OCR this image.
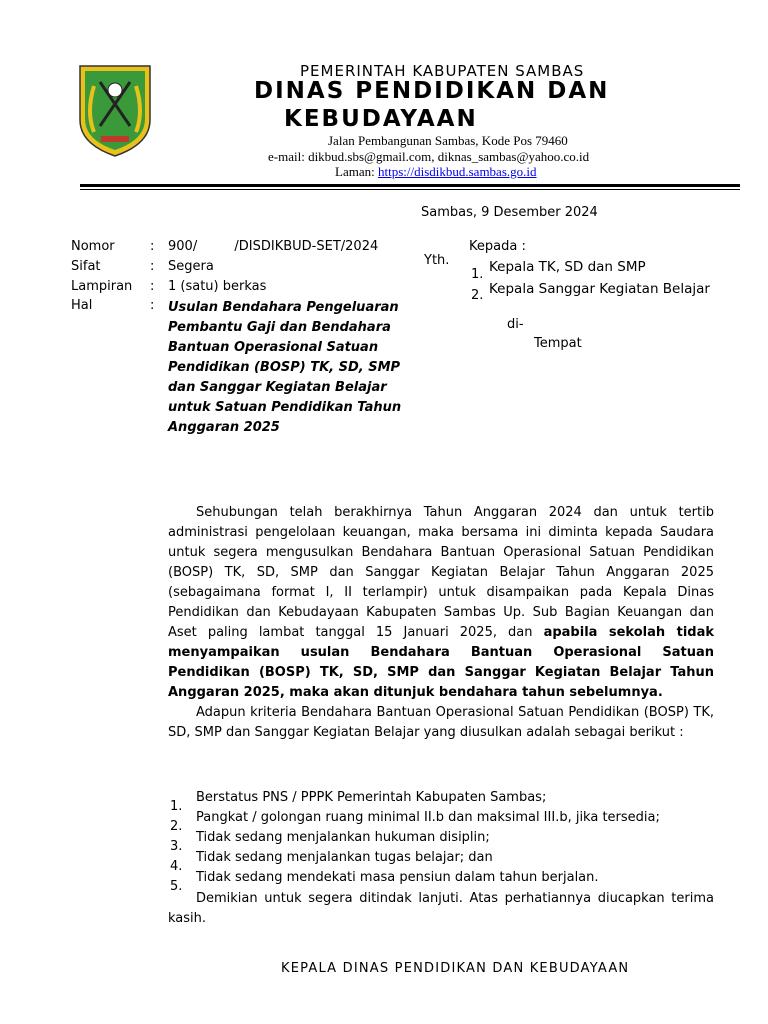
PEMERINTAH KABUPATEN SAMBAS
DINAS PENDIDIKAN DAN
KEBUDAYAAN
Jalan Pembangunan Sambas, Kode Pos 79460
e-mail: dikbud.sbs@gmail.com, diknas_sambas@yahoo.co.id
Laman: https://disdikbud.sambas.go.id
Sambas, 9 Desember 2024
Nomor	: 900/         /DISDIKBUD-SET/2024
Sifat	: Segera
Lampiran : 1 (satu) berkas
Hal	: Usulan Bendahara Pengeluaran Pembantu Gaji dan Bendahara Bantuan Operasional Satuan Pendidikan (BOSP) TK, SD, SMP dan Sanggar Kegiatan Belajar untuk Satuan Pendidikan Tahun Anggaran 2025
Kepada :
Yth.
1. Kepala TK, SD dan SMP
2. Kepala Sanggar Kegiatan Belajar
di-
Tempat

Sehubungan telah berakhirnya Tahun Anggaran 2024 dan untuk tertib administrasi pengelolaan keuangan, maka bersama ini diminta kepada Saudara untuk segera mengusulkan Bendahara Bantuan Operasional Satuan Pendidikan (BOSP) TK, SD, SMP dan Sanggar Kegiatan Belajar Tahun Anggaran 2025 (sebagaimana format I, II terlampir) untuk disampaikan pada Kepala Dinas Pendidikan dan Kebudayaan Kabupaten Sambas Up. Sub Bagian Keuangan dan Aset paling lambat tanggal 15 Januari 2025, dan apabila sekolah tidak menyampaikan usulan Bendahara Bantuan Operasional Satuan Pendidikan (BOSP) TK, SD, SMP dan Sanggar Kegiatan Belajar Tahun Anggaran 2025, maka akan ditunjuk bendahara tahun sebelumnya.

Adapun kriteria Bendahara Bantuan Operasional Satuan Pendidikan (BOSP) TK, SD, SMP dan Sanggar Kegiatan Belajar yang diusulkan adalah sebagai berikut :

1.
Berstatus PNS / PPPK Pemerintah Kabupaten Sambas;
2.
Pangkat / golongan ruang minimal II.b dan maksimal III.b, jika tersedia;
3.
Tidak sedang menjalankan hukuman disiplin;
4.
Tidak sedang menjalankan tugas belajar; dan
5.
Tidak sedang mendekati masa pensiun dalam tahun berjalan.
Demikian untuk segera ditindak lanjuti. Atas perhatiannya diucapkan terima kasih.
KEPALA DINAS PENDIDIKAN DAN KEBUDAYAAN
